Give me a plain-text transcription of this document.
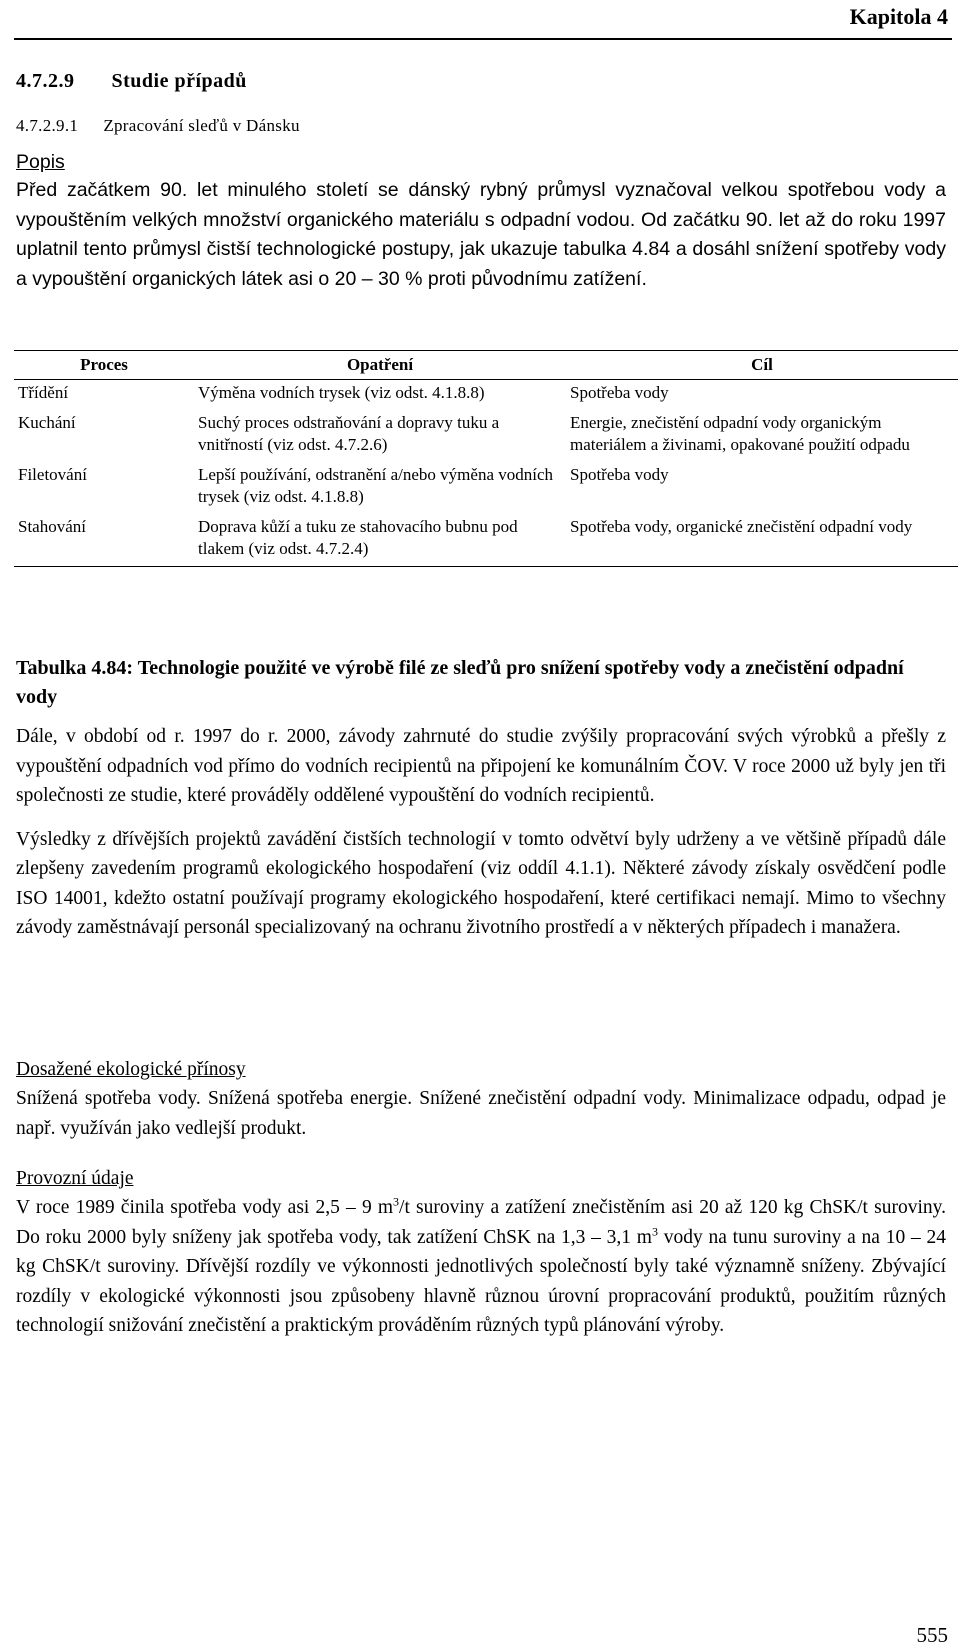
Kapitola 4
4.7.2.9 Studie případů
4.7.2.9.1 Zpracování sleďů v Dánsku
Popis

Před začátkem 90. let minulého století se dánský rybný průmysl vyznačoval velkou spotřebou vody a vypouštěním velkých množství organického materiálu s odpadní vodou. Od začátku 90. let až do roku 1997 uplatnil tento průmysl čistší technologické postupy, jak ukazuje tabulka 4.84 a dosáhl snížení spotřeby vody a vypouštění organických látek asi o 20 – 30 % proti původnímu zatížení.

Proces	Opatření	Cíl
Třídění	Výměna vodních trysek (viz odst. 4.1.8.8)	Spotřeba vody
Kuchání	Suchý proces odstraňování a dopravy tuku a vnitřností (viz odst. 4.7.2.6)	Energie, znečistění odpadní vody organickým materiálem a živinami, opakované použití odpadu
Filetování	Lepší používání, odstranění a/nebo výměna vodních trysek (viz odst. 4.1.8.8)	Spotřeba vody
Stahování	Doprava kůží a tuku ze stahovacího bubnu pod tlakem (viz odst. 4.7.2.4)	Spotřeba vody, organické znečistění odpadní vody
Tabulka 4.84: Technologie použité ve výrobě filé ze sleďů pro snížení spotřeby vody a znečistění odpadní vody

Dále, v období od r. 1997 do r. 2000, závody zahrnuté do studie zvýšily propracování svých výrobků a přešly z vypouštění odpadních vod přímo do vodních recipientů na připojení ke komunálním ČOV. V roce 2000 už byly jen tři společnosti ze studie, které prováděly oddělené vypouštění do vodních recipientů.

Výsledky z dřívějších projektů zavádění čistších technologií v tomto odvětví byly udrženy a ve většině případů dále zlepšeny zavedením programů ekologického hospodaření (viz oddíl 4.1.1). Některé závody získaly osvědčení podle ISO 14001, kdežto ostatní používají programy ekologického hospodaření, které certifikaci nemají. Mimo to všechny závody zaměstnávají personál specializovaný na ochranu životního prostředí a v některých případech i manažera.

Dosažené ekologické přínosy

Snížená spotřeba vody. Snížená spotřeba energie. Snížené znečistění odpadní vody. Minimalizace odpadu, odpad je např. využíván jako vedlejší produkt.

Provozní údaje

V roce 1989 činila spotřeba vody asi 2,5 – 9 $m^3/t$ suroviny a zatížení znečistěním asi 20 až 120 kg ChSK/t suroviny. Do roku 2000 byly sníženy jak spotřeba vody, tak zatížení ChSK na 1,3 – 3,1 $m^3$ vody na tunu suroviny a na 10 – 24 kg ChSK/t suroviny. Dřívější rozdíly ve výkonnosti jednotlivých společností byly také významně sníženy. Zbývající rozdíly v ekologické výkonnosti jsou způsobeny hlavně různou úrovní propracování produktů, použitím různých technologií snižování znečistění a praktickým prováděním různých typů plánování výroby.

555
